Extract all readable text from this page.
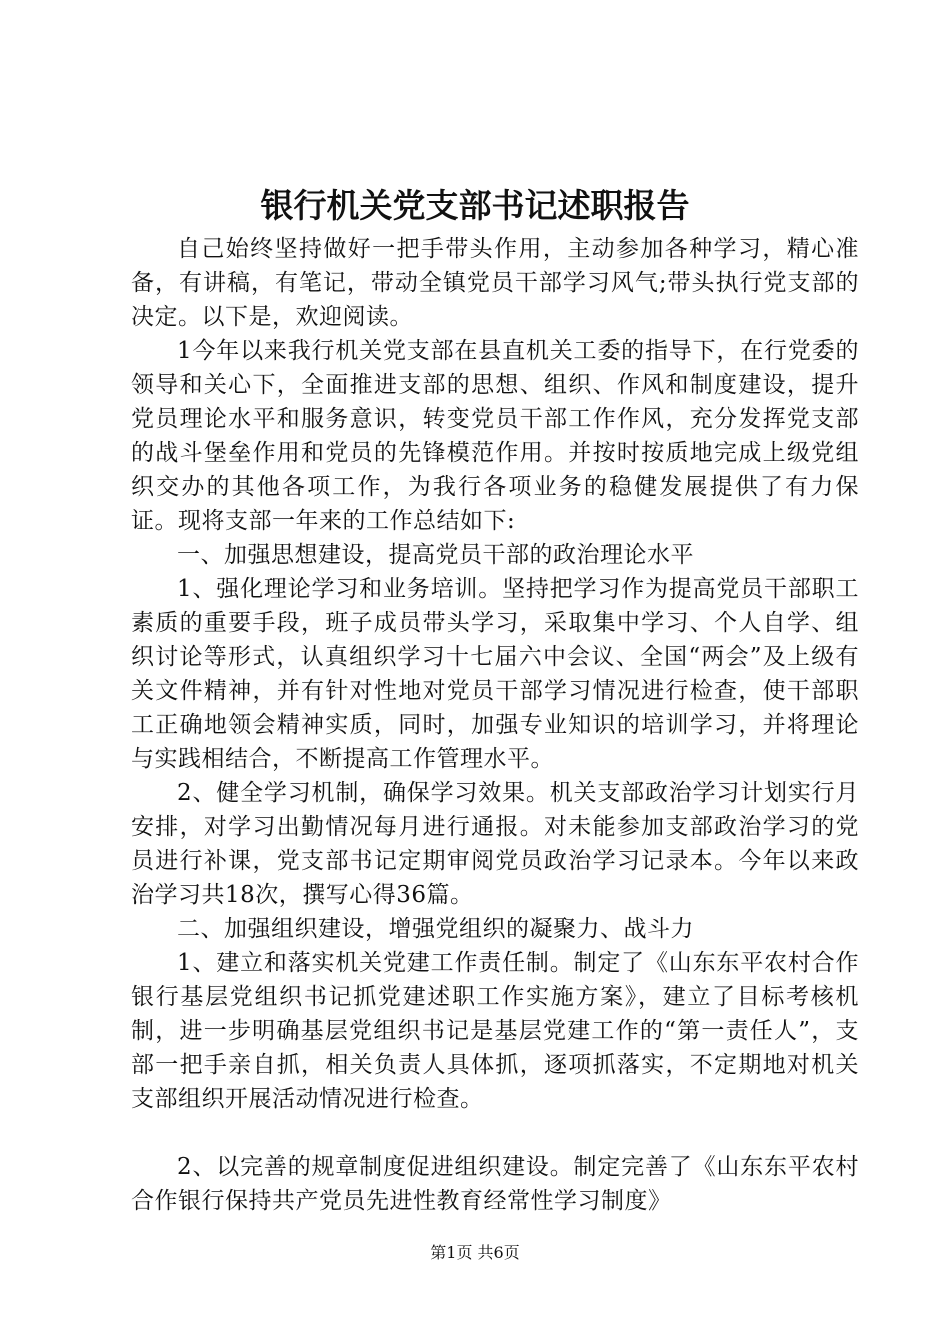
银行机关党支部书记述职报告

自己始终坚持做好一把手带头作用，主动参加各种学习，精心准备，有讲稿，有笔记，带动全镇党员干部学习风气;带头执行党支部的决定。以下是，欢迎阅读。

1今年以来我行机关党支部在县直机关工委的指导下，在行党委的领导和关心下，全面推进支部的思想、组织、作风和制度建设，提升党员理论水平和服务意识，转变党员干部工作作风，充分发挥党支部的战斗堡垒作用和党员的先锋模范作用。并按时按质地完成上级党组织交办的其他各项工作，为我行各项业务的稳健发展提供了有力保证。现将支部一年来的工作总结如下:

一、加强思想建设，提高党员干部的政治理论水平

1、强化理论学习和业务培训。坚持把学习作为提高党员干部职工素质的重要手段，班子成员带头学习，采取集中学习、个人自学、组织讨论等形式，认真组织学习十七届六中会议、全国“两会”及上级有关文件精神，并有针对性地对党员干部学习情况进行检查，使干部职工正确地领会精神实质，同时，加强专业知识的培训学习，并将理论与实践相结合，不断提高工作管理水平。

2、健全学习机制，确保学习效果。机关支部政治学习计划实行月安排，对学习出勤情况每月进行通报。对未能参加支部政治学习的党员进行补课，党支部书记定期审阅党员政治学习记录本。今年以来政治学习共18次，撰写心得36篇。

二、加强组织建设，增强党组织的凝聚力、战斗力

1、建立和落实机关党建工作责任制。制定了《山东东平农村合作银行基层党组织书记抓党建述职工作实施方案》，建立了目标考核机制，进一步明确基层党组织书记是基层党建工作的“第一责任人”，支部一把手亲自抓，相关负责人具体抓，逐项抓落实，不定期地对机关支部组织开展活动情况进行检查。

2、以完善的规章制度促进组织建设。制定完善了《山东东平农村合作银行保持共产党员先进性教育经常性学习制度》

第1页 共6页
